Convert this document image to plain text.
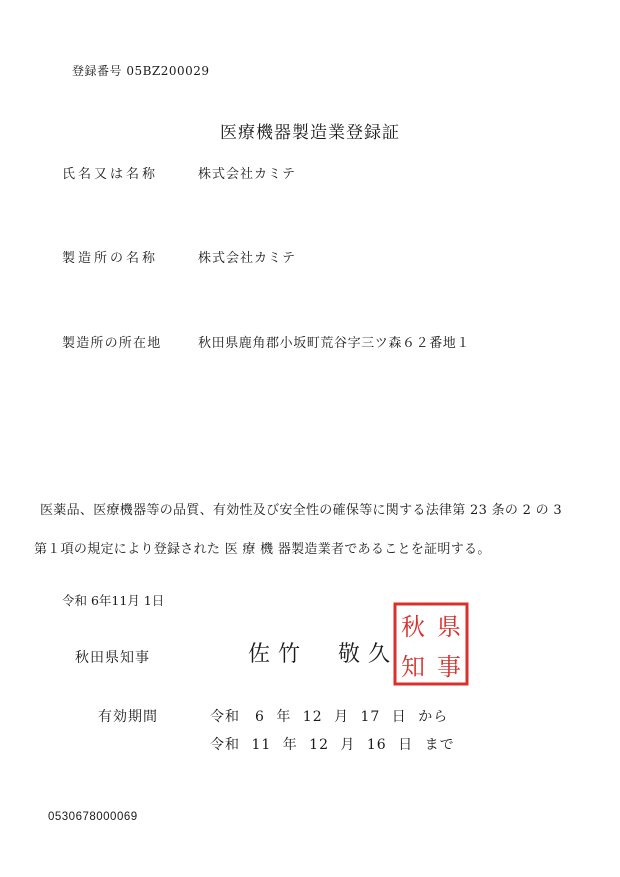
登録番号 05BZ200029
医療機器製造業登録証
氏名又は名称	株式会社カミテ
製造所の名称	株式会社カミテ
製造所の所在地	秋田県鹿角郡小坂町荒谷字三ツ森６２番地１
医薬品、医療機器等の品質、有効性及び安全性の確保等に関する法律第 23 条の 2 の 3
第１項の規定により登録された 医 療 機 器製造業者であることを証明する。
令和 6年11月 1日
秋田県知事	佐竹　敬久
秋 県
知 事
有効期間	令和　6 年 12 月 17 日 から
令和 11 年 12 月 16 日 まで
0530678000069
